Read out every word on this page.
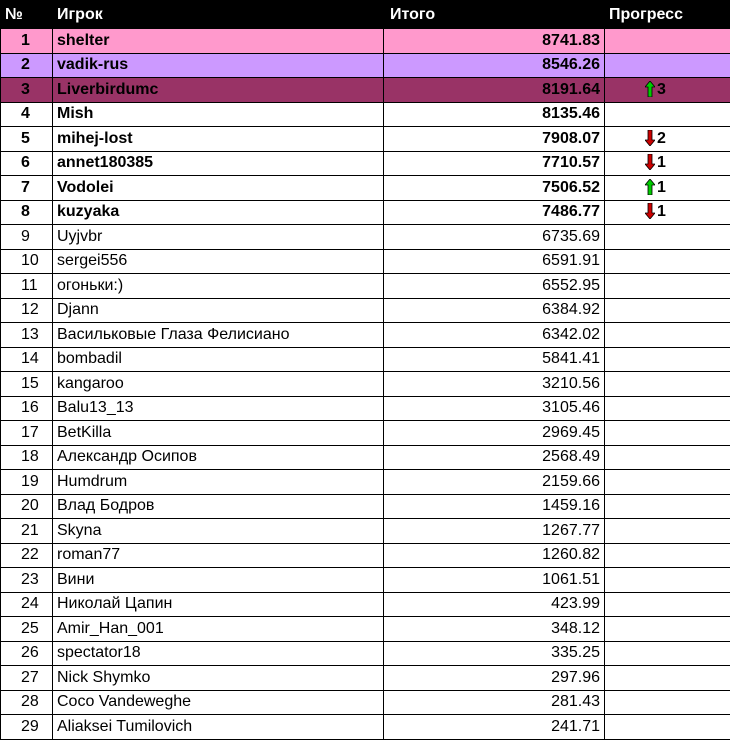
№	Игрок	Итого	Прогресс
1	shelter	8741.83	
2	vadik-rus	8546.26	
3	Liverbirdumc	8191.64	3
4	Mish	8135.46	
5	mihej-lost	7908.07	2
6	annet180385	7710.57	1
7	Vodolei	7506.52	1
8	kuzyaka	7486.77	1
9	Uyjvbr	6735.69	
10	sergei556	6591.91	
11	огоньки:)	6552.95	
12	Djann	6384.92	
13	Васильковые Глаза Фелисиано	6342.02	
14	bombadil	5841.41	
15	kangaroo	3210.56	
16	Balu13_13	3105.46	
17	BetKilla	2969.45	
18	Александр Осипов	2568.49	
19	Humdrum	2159.66	
20	Влад Бодров	1459.16	
21	Skyna	1267.77	
22	roman77	1260.82	
23	Вини	1061.51	
24	Николай Цапин	423.99	
25	Amir_Han_001	348.12	
26	spectator18	335.25	
27	Nick Shymko	297.96	
28	Coco Vandeweghe	281.43	
29	Aliaksei Tumilovich	241.71	
